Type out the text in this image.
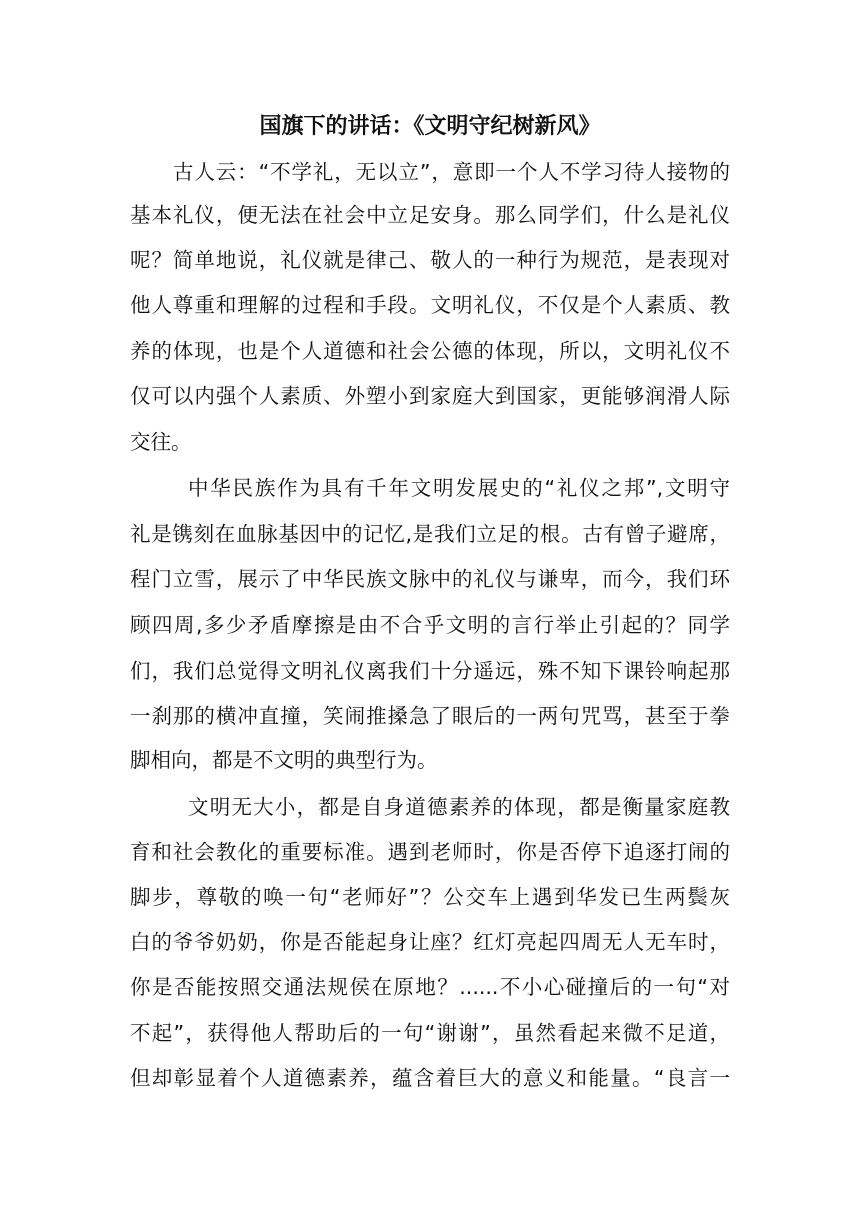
国旗下的讲话：《文明守纪树新风》
古人云：“不学礼，无以立”，意即一个人不学习待人接物的
基本礼仪，便无法在社会中立足安身。那么同学们，什么是礼仪
呢？简单地说，礼仪就是律己、敬人的一种行为规范，是表现对
他人尊重和理解的过程和手段。文明礼仪，不仅是个人素质、教
养的体现，也是个人道德和社会公德的体现，所以，文明礼仪不
仅可以内强个人素质、外塑小到家庭大到国家，更能够润滑人际
交往。
中华民族作为具有千年文明发展史的“礼仪之邦”,文明守
礼是镌刻在血脉基因中的记忆,是我们立足的根。古有曾子避席，
程门立雪，展示了中华民族文脉中的礼仪与谦卑，而今，我们环
顾四周,多少矛盾摩擦是由不合乎文明的言行举止引起的？同学
们，我们总觉得文明礼仪离我们十分遥远，殊不知下课铃响起那
一刹那的横冲直撞，笑闹推搡急了眼后的一两句咒骂，甚至于拳
脚相向，都是不文明的典型行为。
文明无大小，都是自身道德素养的体现，都是衡量家庭教
育和社会教化的重要标准。遇到老师时，你是否停下追逐打闹的
脚步，尊敬的唤一句“老师好”？公交车上遇到华发已生两鬓灰
白的爷爷奶奶，你是否能起身让座？红灯亮起四周无人无车时，
你是否能按照交通法规侯在原地？......不小心碰撞后的一句“对
不起”，获得他人帮助后的一句“谢谢”，虽然看起来微不足道，
但却彰显着个人道德素养，蕴含着巨大的意义和能量。“良言一
